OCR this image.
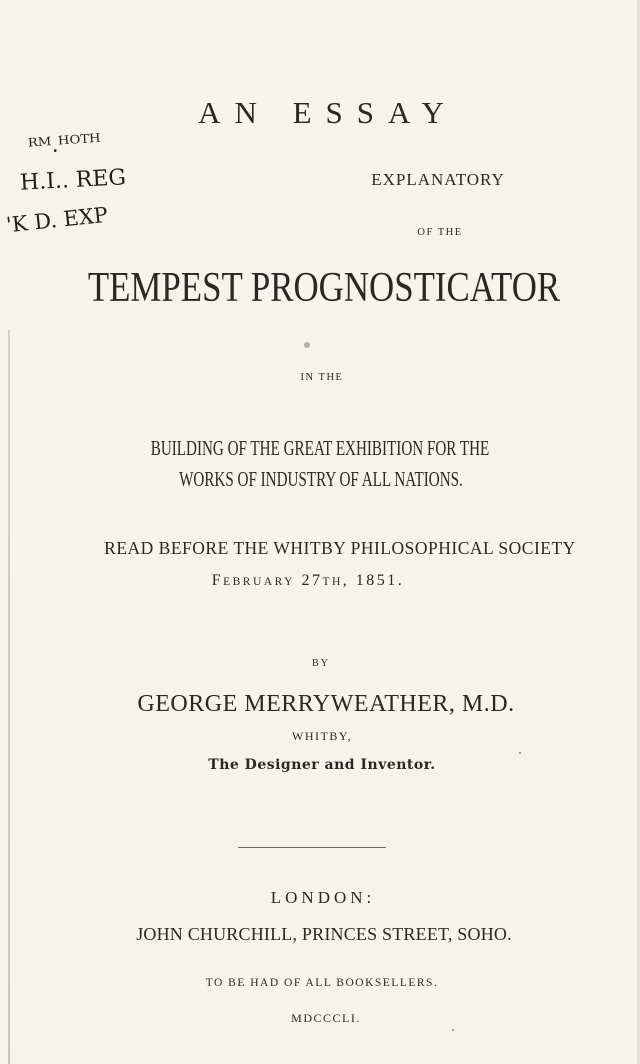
AN ESSAY
ᴿᴹ.ᴴᴼᵀᴴ
H.I.. REG
'K D. EXP
EXPLANATORY
OF THE
TEMPEST PROGNOSTICATOR
IN THE
BUILDING OF THE GREAT EXHIBITION FOR THE
WORKS OF INDUSTRY OF ALL NATIONS.
READ BEFORE THE WHITBY PHILOSOPHICAL SOCIETY
FEBRUARY 27TH, 1851.
BY
GEORGE MERRYWEATHER, M.D.
WHITBY,
The Designer and Inventor.
LONDON:
JOHN CHURCHILL, PRINCES STREET, SOHO.
TO BE HAD OF ALL BOOKSELLERS.
MDCCCLI.
